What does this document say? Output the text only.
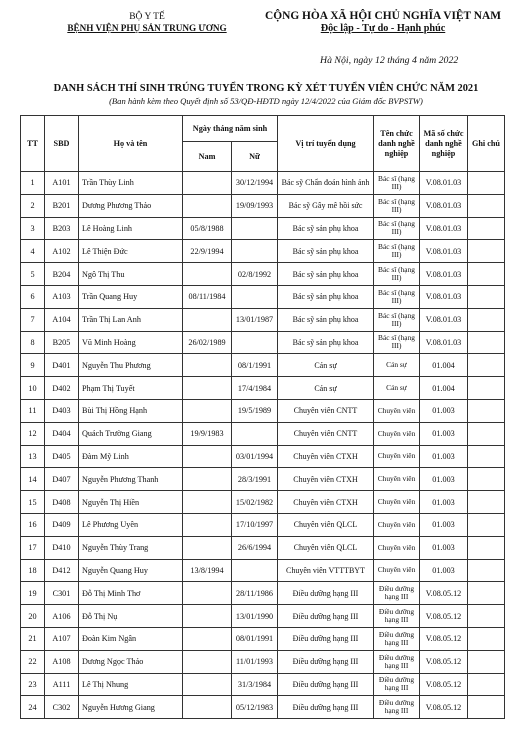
BỘ Y TẾ
BỆNH VIỆN PHỤ SẢN TRUNG ƯƠNG
CỘNG HÒA XÃ HỘI CHỦ NGHĨA VIỆT NAM
Độc lập - Tự do - Hạnh phúc
Hà Nội, ngày 12 tháng 4 năm 2022
DANH SÁCH THÍ SINH TRÚNG TUYỂN TRONG KỲ XÉT TUYỂN VIÊN CHỨC NĂM 2021
(Ban hành kèm theo Quyết định số 53/QĐ-HĐTD ngày 12/4/2022 của Giám đốc BVPSTW)
TT	SBD	Họ và tên	Ngày tháng năm sinh		Vị trí tuyển dụng	Tên chức danh nghề nghiệp	Mã số chức danh nghề nghiệp	Ghi chú
			Nam	Nữ				
1	A101	Trần Thùy Linh		30/12/1994	Bác sỹ Chẩn đoán hình ảnh	Bác sĩ (hạng III)	V.08.01.03	
2	B201	Dương Phương Thảo		19/09/1993	Bác sỹ Gây mê hồi sức	Bác sĩ (hạng III)	V.08.01.03	
3	B203	Lê Hoàng Linh	05/8/1988		Bác sỹ sản phụ khoa	Bác sĩ (hạng III)	V.08.01.03	
4	A102	Lê Thiện Đức	22/9/1994		Bác sỹ sản phụ khoa	Bác sĩ (hạng III)	V.08.01.03	
5	B204	Ngô Thị Thu		02/8/1992	Bác sỹ sản phụ khoa	Bác sĩ (hạng III)	V.08.01.03	
6	A103	Trần Quang Huy	08/11/1984		Bác sỹ sản phụ khoa	Bác sĩ (hạng III)	V.08.01.03	
7	A104	Trần Thị Lan Anh		13/01/1987	Bác sỹ sản phụ khoa	Bác sĩ (hạng III)	V.08.01.03	
8	B205	Vũ Minh Hoàng	26/02/1989		Bác sỹ sản phụ khoa	Bác sĩ (hạng III)	V.08.01.03	
9	D401	Nguyễn Thu Phương		08/1/1991	Cán sự	Cán sự	01.004	
10	D402	Phạm Thị Tuyết		17/4/1984	Cán sự	Cán sự	01.004	
11	D403	Bùi Thị Hồng Hạnh		19/5/1989	Chuyên viên CNTT	Chuyên viên	01.003	
12	D404	Quách Trường Giang	19/9/1983		Chuyên viên CNTT	Chuyên viên	01.003	
13	D405	Đàm Mỹ Linh		03/01/1994	Chuyên viên CTXH	Chuyên viên	01.003	
14	D407	Nguyễn Phương Thanh		28/3/1991	Chuyên viên CTXH	Chuyên viên	01.003	
15	D408	Nguyễn Thị Hiền		15/02/1982	Chuyên viên CTXH	Chuyên viên	01.003	
16	D409	Lê Phương Uyên		17/10/1997	Chuyên viên QLCL	Chuyên viên	01.003	
17	D410	Nguyễn Thùy Trang		26/6/1994	Chuyên viên QLCL	Chuyên viên	01.003	
18	D412	Nguyễn Quang Huy	13/8/1994		Chuyên viên VTTTBYT	Chuyên viên	01.003	
19	C301	Đỗ Thị Minh Thơ		28/11/1986	Điều dưỡng hạng III	Điều dưỡng hạng III	V.08.05.12	
20	A106	Đỗ Thị Nụ		13/01/1990	Điều dưỡng hạng III	Điều dưỡng hạng III	V.08.05.12	
21	A107	Đoàn Kim Ngân		08/01/1991	Điều dưỡng hạng III	Điều dưỡng hạng III	V.08.05.12	
22	A108	Dương Ngọc Thảo		11/01/1993	Điều dưỡng hạng III	Điều dưỡng hạng III	V.08.05.12	
23	A111	Lê Thị Nhung		31/3/1984	Điều dưỡng hạng III	Điều dưỡng hạng III	V.08.05.12	
24	C302	Nguyễn Hương Giang		05/12/1983	Điều dưỡng hạng III	Điều dưỡng hạng III	V.08.05.12	
